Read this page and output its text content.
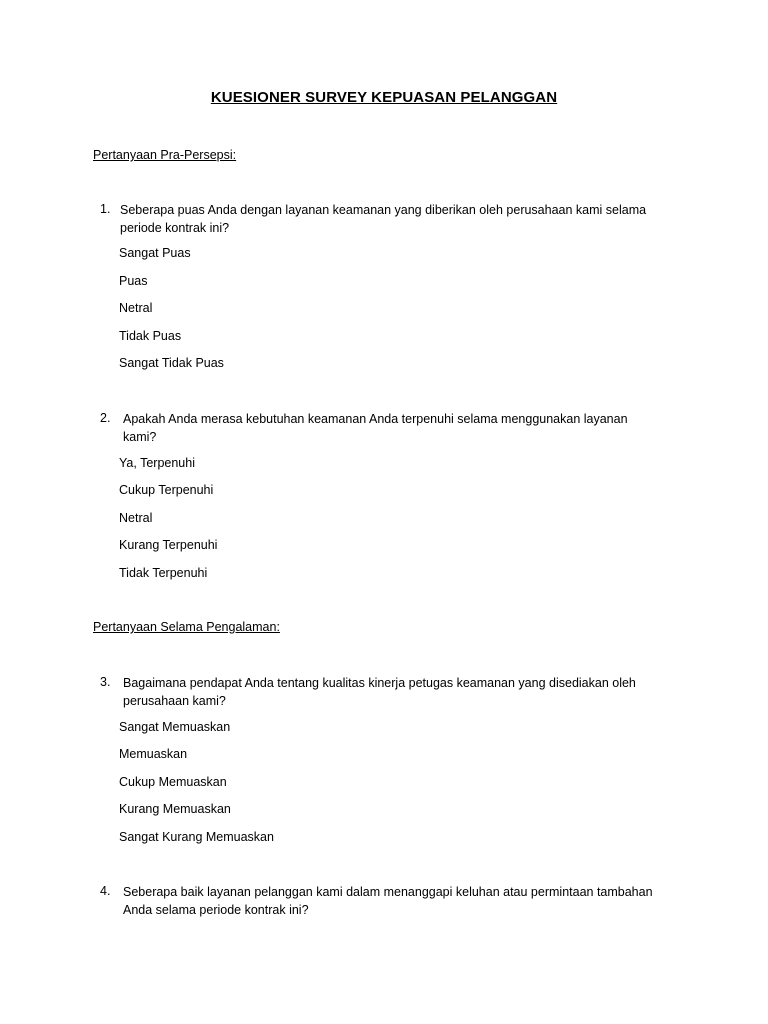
KUESIONER SURVEY KEPUASAN PELANGGAN
Pertanyaan Pra-Persepsi:
1. Seberapa puas Anda dengan layanan keamanan yang diberikan oleh perusahaan kami selama
periode kontrak ini?
Sangat Puas
Puas
Netral
Tidak Puas
Sangat Tidak Puas
2. Apakah Anda merasa kebutuhan keamanan Anda terpenuhi selama menggunakan layanan
kami?
Ya, Terpenuhi
Cukup Terpenuhi
Netral
Kurang Terpenuhi
Tidak Terpenuhi
Pertanyaan Selama Pengalaman:
3. Bagaimana pendapat Anda tentang kualitas kinerja petugas keamanan yang disediakan oleh
perusahaan kami?
Sangat Memuaskan
Memuaskan
Cukup Memuaskan
Kurang Memuaskan
Sangat Kurang Memuaskan
4. Seberapa baik layanan pelanggan kami dalam menanggapi keluhan atau permintaan tambahan
Anda selama periode kontrak ini?
